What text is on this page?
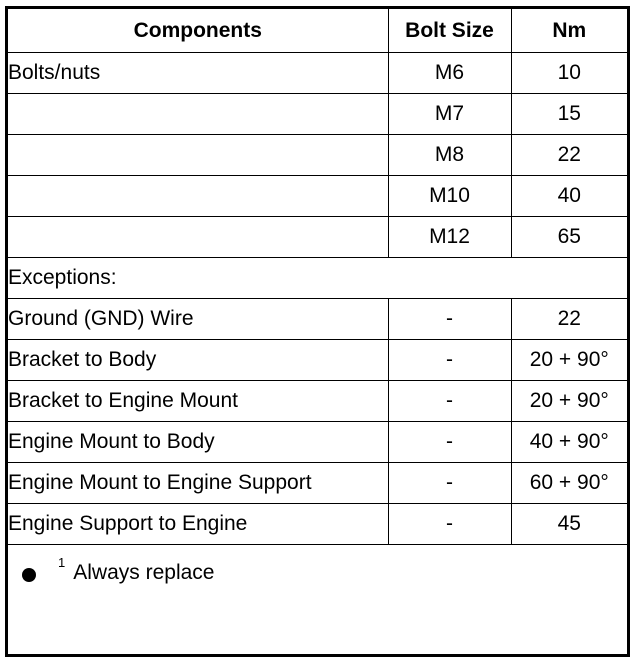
Components	Bolt Size	Nm
Bolts/nuts	M6	10
	M7	15
	M8	22
	M10	40
	M12	65
Exceptions:		
Ground (GND) Wire	-	22
Bracket to Body	-	20 + 90°
Bracket to Engine Mount	-	20 + 90°
Engine Mount to Body	-	40 + 90°
Engine Mount to Engine Support	-	60 + 90°
Engine Support to Engine	-	45
1 Always replace
